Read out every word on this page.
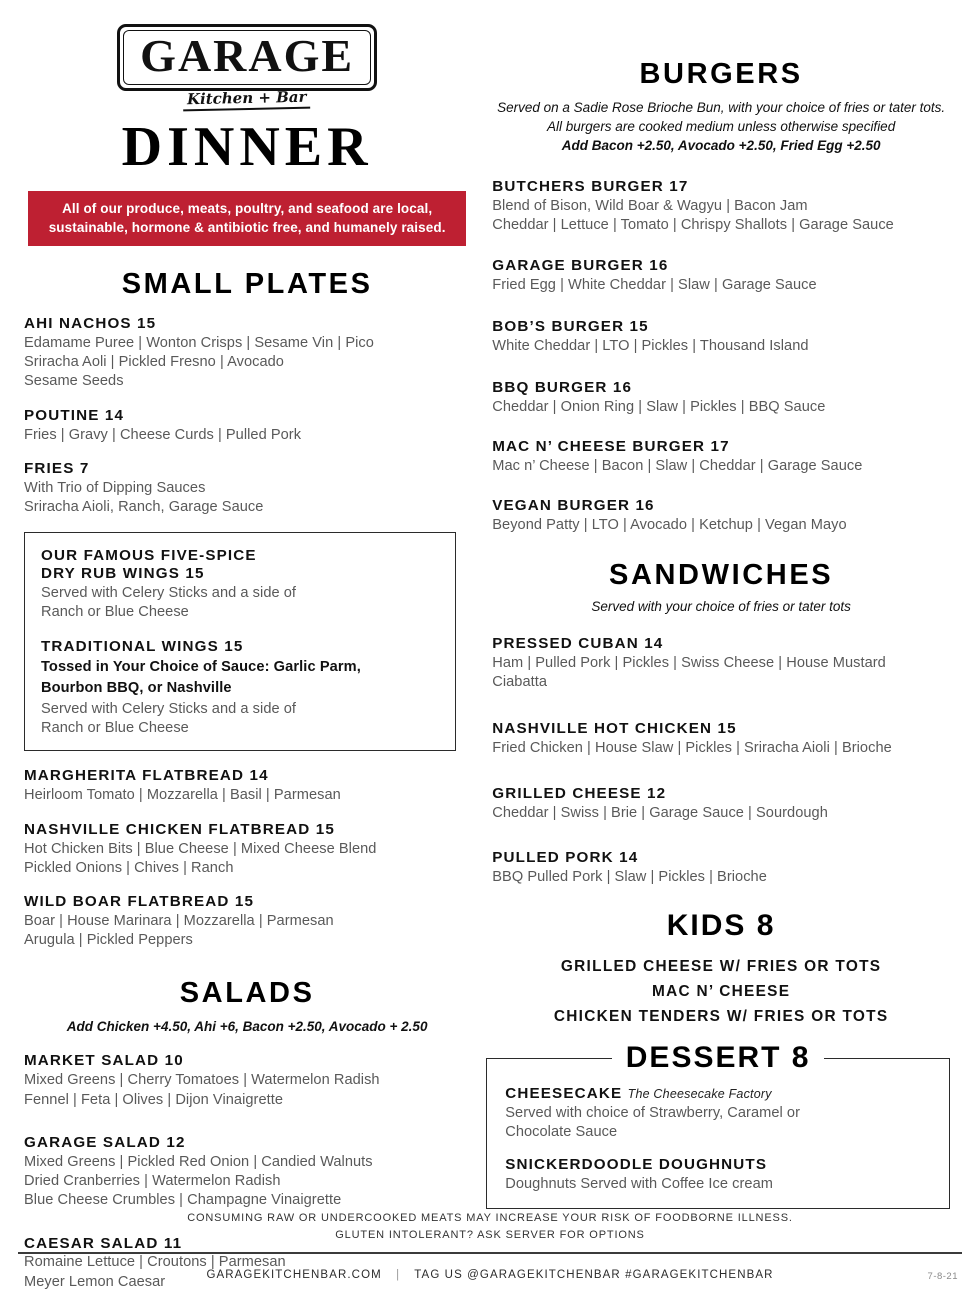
GARAGE
Kitchen + Bar
DINNER
All of our produce, meats, poultry, and seafood are local,
sustainable, hormone & antibiotic free, and humanely raised.
SMALL PLATES
AHI NACHOS 15
Edamame Puree | Wonton Crisps | Sesame Vin | Pico
Sriracha Aoli | Pickled Fresno | Avocado
Sesame Seeds
POUTINE 14
Fries | Gravy | Cheese Curds | Pulled Pork
FRIES 7
With Trio of Dipping Sauces
Sriracha Aioli, Ranch, Garage Sauce
OUR FAMOUS FIVE-SPICE
DRY RUB WINGS 15
Served with Celery Sticks and a side of
Ranch or Blue Cheese
TRADITIONAL WINGS 15
Tossed in Your Choice of Sauce: Garlic Parm,
Bourbon BBQ, or Nashville
Served with Celery Sticks and a side of
Ranch or Blue Cheese
MARGHERITA FLATBREAD 14
Heirloom Tomato | Mozzarella | Basil | Parmesan
NASHVILLE CHICKEN FLATBREAD 15
Hot Chicken Bits | Blue Cheese | Mixed Cheese Blend
Pickled Onions | Chives | Ranch
WILD BOAR FLATBREAD 15
Boar | House Marinara | Mozzarella | Parmesan
Arugula | Pickled Peppers
SALADS
Add Chicken +4.50, Ahi +6, Bacon +2.50, Avocado + 2.50
MARKET SALAD 10
Mixed Greens | Cherry Tomatoes | Watermelon Radish
Fennel | Feta | Olives | Dijon Vinaigrette
GARAGE SALAD 12
Mixed Greens | Pickled Red Onion | Candied Walnuts
Dried Cranberries | Watermelon Radish
Blue Cheese Crumbles | Champagne Vinaigrette
CAESAR SALAD 11
Romaine Lettuce | Croutons | Parmesan
Meyer Lemon Caesar
BURGERS
Served on a Sadie Rose Brioche Bun, with your choice of fries or tater tots.
All burgers are cooked medium unless otherwise specified
Add Bacon +2.50, Avocado +2.50, Fried Egg +2.50
BUTCHERS BURGER 17
Blend of Bison, Wild Boar & Wagyu | Bacon Jam
Cheddar | Lettuce | Tomato | Chrispy Shallots | Garage Sauce
GARAGE BURGER 16
Fried Egg | White Cheddar | Slaw | Garage Sauce
BOB’S BURGER 15
White Cheddar | LTO | Pickles | Thousand Island
BBQ BURGER 16
Cheddar | Onion Ring | Slaw | Pickles | BBQ Sauce
MAC N’ CHEESE BURGER 17
Mac n’ Cheese | Bacon | Slaw | Cheddar | Garage Sauce
VEGAN BURGER 16
Beyond Patty | LTO | Avocado | Ketchup | Vegan Mayo
SANDWICHES
Served with your choice of fries or tater tots
PRESSED CUBAN 14
Ham | Pulled Pork | Pickles | Swiss Cheese | House Mustard
Ciabatta
NASHVILLE HOT CHICKEN 15
Fried Chicken | House Slaw | Pickles | Sriracha Aioli | Brioche
GRILLED CHEESE 12
Cheddar | Swiss | Brie | Garage Sauce | Sourdough
PULLED PORK 14
BBQ Pulled Pork | Slaw | Pickles | Brioche
KIDS 8
GRILLED CHEESE W/ FRIES OR TOTS
MAC N’ CHEESE
CHICKEN TENDERS W/ FRIES OR TOTS
DESSERT 8
CHEESECAKE The Cheesecake Factory
Served with choice of Strawberry, Caramel or
Chocolate Sauce
SNICKERDOODLE DOUGHNUTS
Doughnuts Served with Coffee Ice cream
CONSUMING RAW OR UNDERCOOKED MEATS MAY INCREASE YOUR RISK OF FOODBORNE ILLNESS.
GLUTEN INTOLERANT? ASK SERVER FOR OPTIONS
GARAGEKITCHENBAR.COM | TAG US @GARAGEKITCHENBAR #GARAGEKITCHENBAR	7-8-21
